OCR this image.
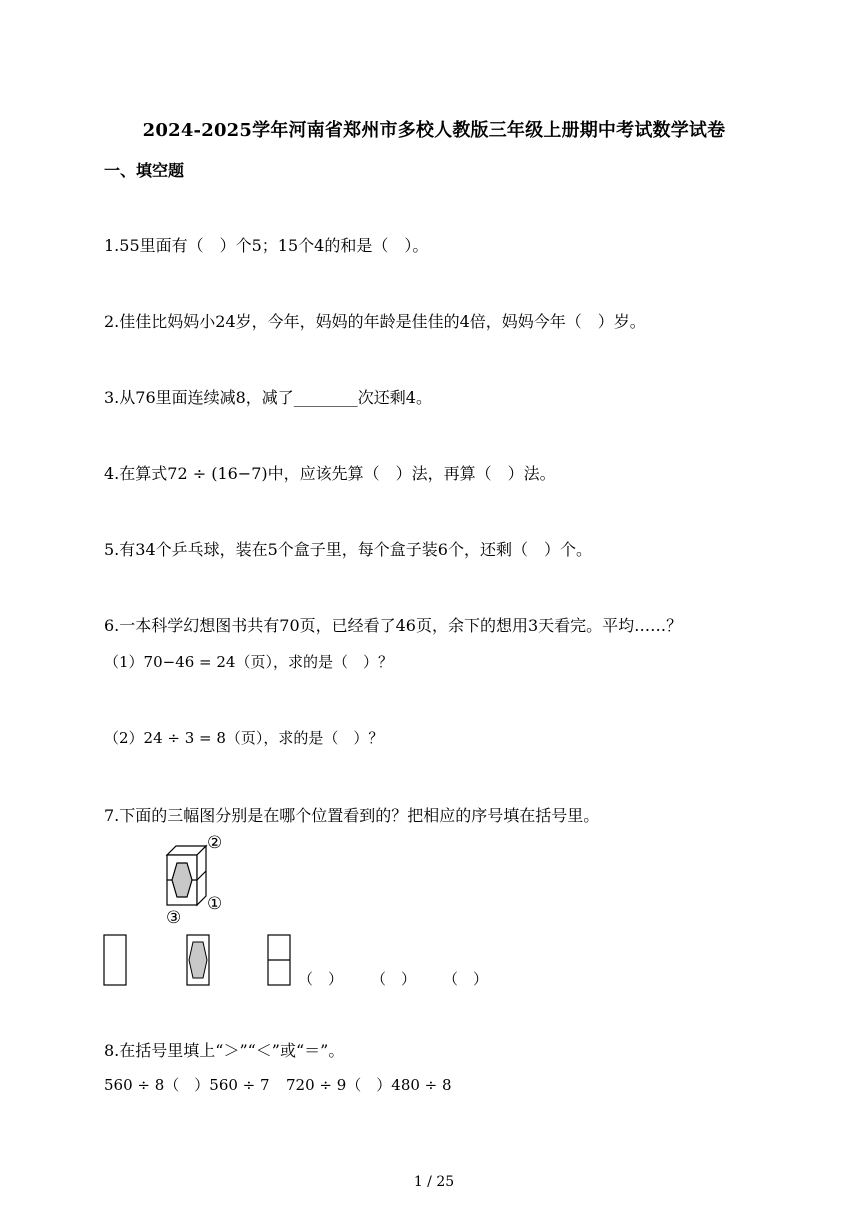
2024-2025学年河南省郑州市多校人教版三年级上册期中考试数学试卷
一、填空题
1.55里面有（　）个5；15个4的和是（　）。
2.佳佳比妈妈小24岁，今年，妈妈的年龄是佳佳的4倍，妈妈今年（　）岁。
3.从76里面连续减8，减了________次还剩4。
4.在算式72 ÷ (16−7)中，应该先算（　）法，再算（　）法。
5.有34个乒乓球，装在5个盒子里，每个盒子装6个，还剩（　）个。
6.一本科学幻想图书共有70页，已经看了46页，余下的想用3天看完。平均……？
（1）70−46 = 24（页），求的是（　）？
（2）24 ÷ 3 = 8（页），求的是（　）？
7.下面的三幅图分别是在哪个位置看到的？把相应的序号填在括号里。
②
①
③
（　） （　） （　）
8.在括号里填上“＞”“＜”或“＝”。
560 ÷ 8（　）560 ÷ 7 720 ÷ 9（　）480 ÷ 8
1 / 25
